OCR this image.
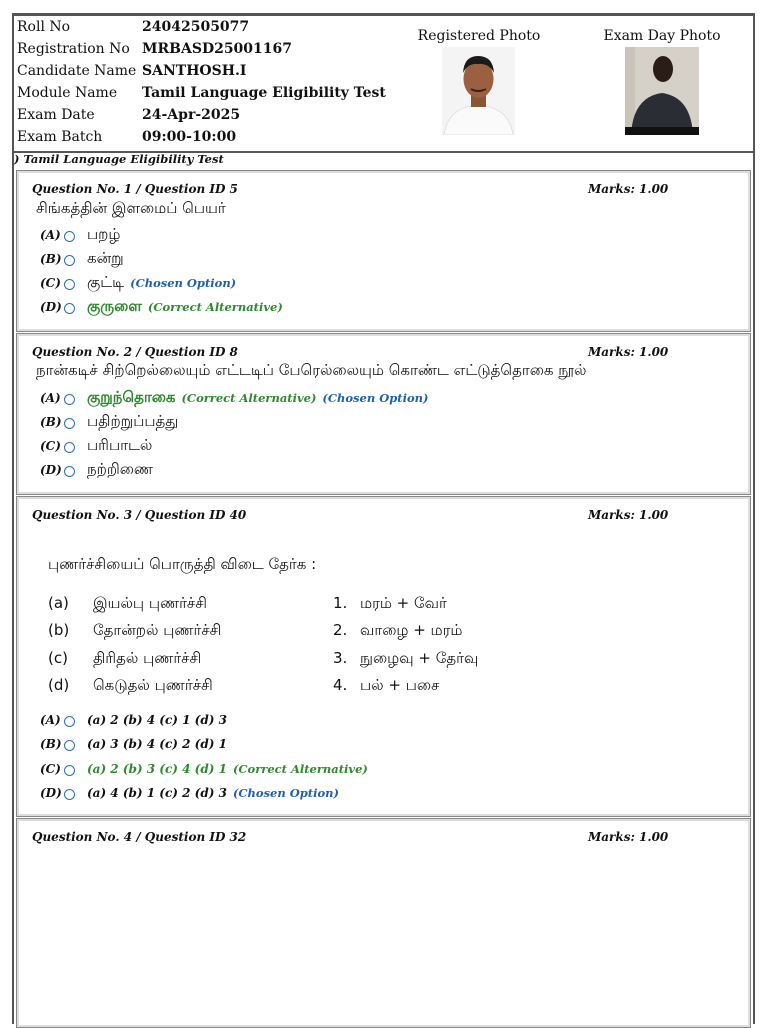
Roll No	24042505077
Registration No MRBASD25001167
Candidate Name SANTHOSH.I
Module Name	Tamil Language Eligibility Test
Exam Date	24-Apr-2025
Exam Batch	09:00-10:00
Registered Photo	Exam Day Photo
) Tamil Language Eligibility Test
Question No. 1 / Question ID 5	Marks: 1.00
சிங்கத்தின் இளமைப் பெயர்
(A) பறழ்
(B) கன்று
(C) குட்டி (Chosen Option)
(D) குருளை (Correct Alternative)
Question No. 2 / Question ID 8	Marks: 1.00
நான்கடிச் சிற்றெல்லையும் எட்டடிப் பேரெல்லையும் கொண்ட எட்டுத்தொகை நூல்
(A) குறுந்தொகை (Correct Alternative) (Chosen Option)
(B) பதிற்றுப்பத்து
(C) பரிபாடல்
(D) நற்றிணை
Question No. 3 / Question ID 40	Marks: 1.00
புணர்ச்சியைப் பொருத்தி விடை தேர்க :
(a)	இயல்பு புணர்ச்சி	1. மரம் + வேர்
(b)	தோன்றல் புணர்ச்சி	2. வாழை + மரம்
(c)	திரிதல் புணர்ச்சி	3. நுழைவு + தேர்வு
(d)	கெடுதல் புணர்ச்சி	4. பல் + பசை
(A) (a) 2 (b) 4 (c) 1 (d) 3
(B) (a) 3 (b) 4 (c) 2 (d) 1
(C) (a) 2 (b) 3 (c) 4 (d) 1 (Correct Alternative)
(D) (a) 4 (b) 1 (c) 2 (d) 3 (Chosen Option)
Question No. 4 / Question ID 32	Marks: 1.00
